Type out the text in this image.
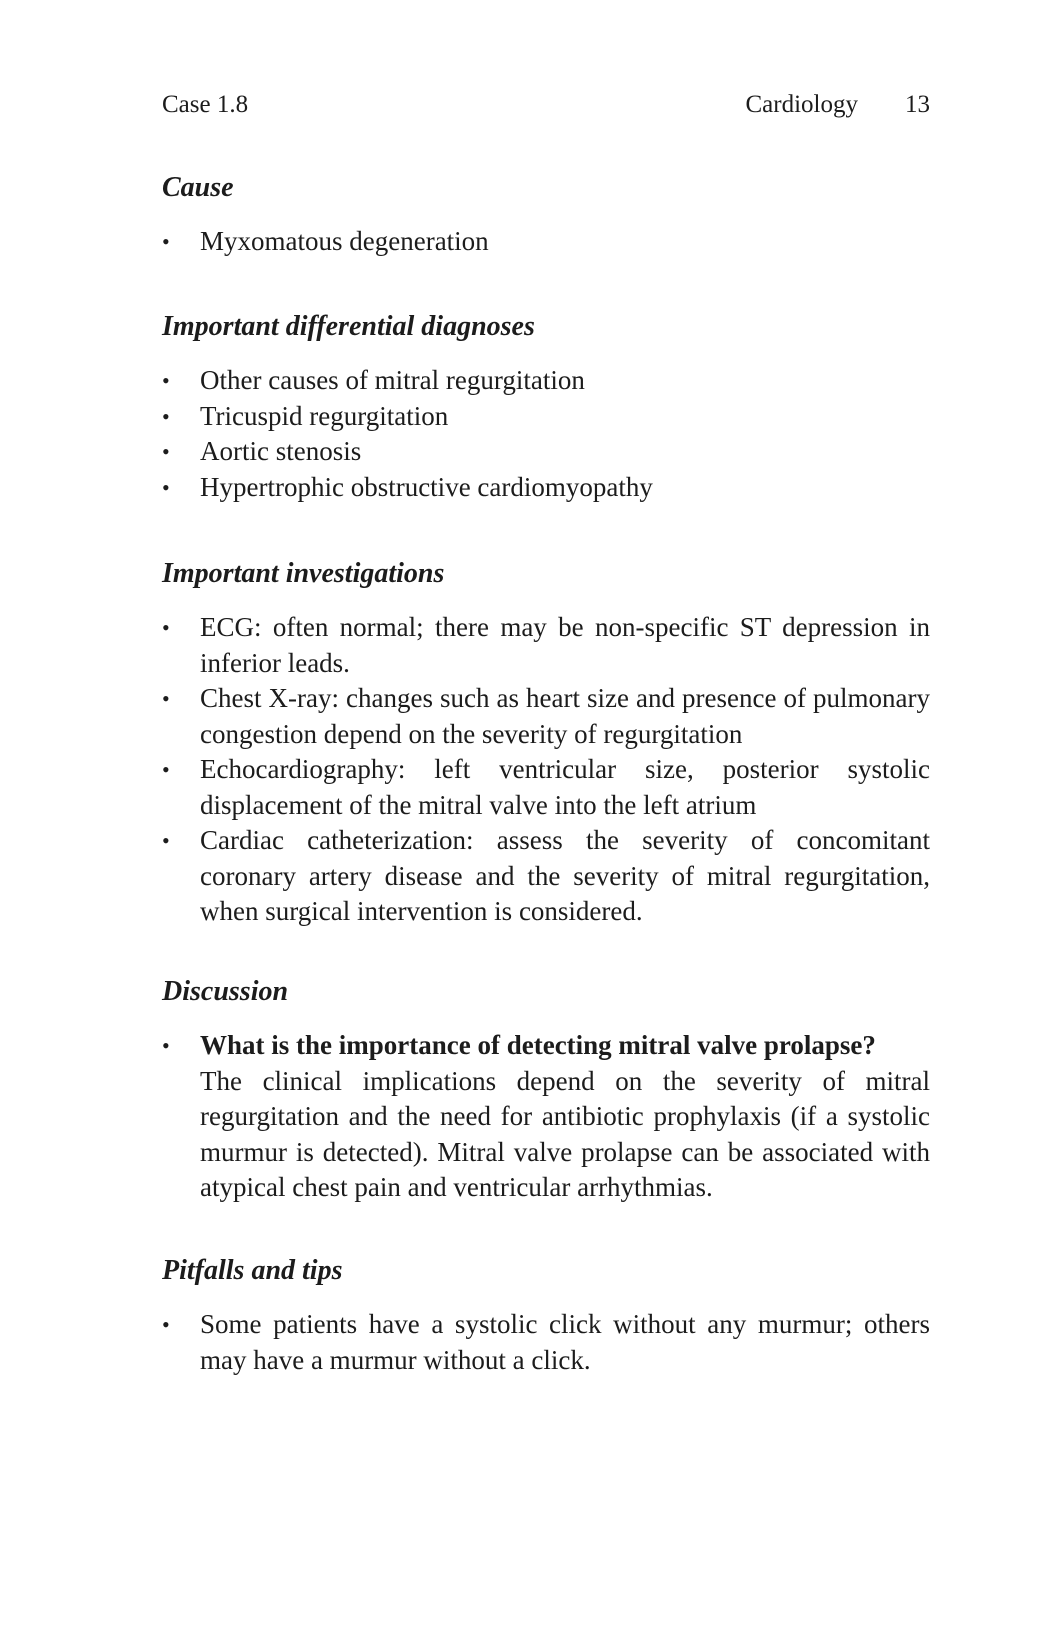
Case 1.8	Cardiology 13
Cause
• Myxomatous degeneration
Important differential diagnoses
• Other causes of mitral regurgitation
• Tricuspid regurgitation
• Aortic stenosis
• Hypertrophic obstructive cardiomyopathy
Important investigations
• ECG: often normal; there may be non-specific ST depression in inferior leads.
• Chest X-ray: changes such as heart size and presence of pulmonary congestion depend on the severity of regurgitation
• Echocardiography: left ventricular size, posterior systolic displacement of the mitral valve into the left atrium
• Cardiac catheterization: assess the severity of concomitant coronary artery disease and the severity of mitral regurgitation, when surgical intervention is considered.
Discussion
• What is the importance of detecting mitral valve prolapse?
The clinical implications depend on the severity of mitral regurgitation and the need for antibiotic prophylaxis (if a systolic murmur is detected). Mitral valve prolapse can be associated with atypical chest pain and ventricular arrhythmias.
Pitfalls and tips
• Some patients have a systolic click without any murmur; others may have a murmur without a click.
